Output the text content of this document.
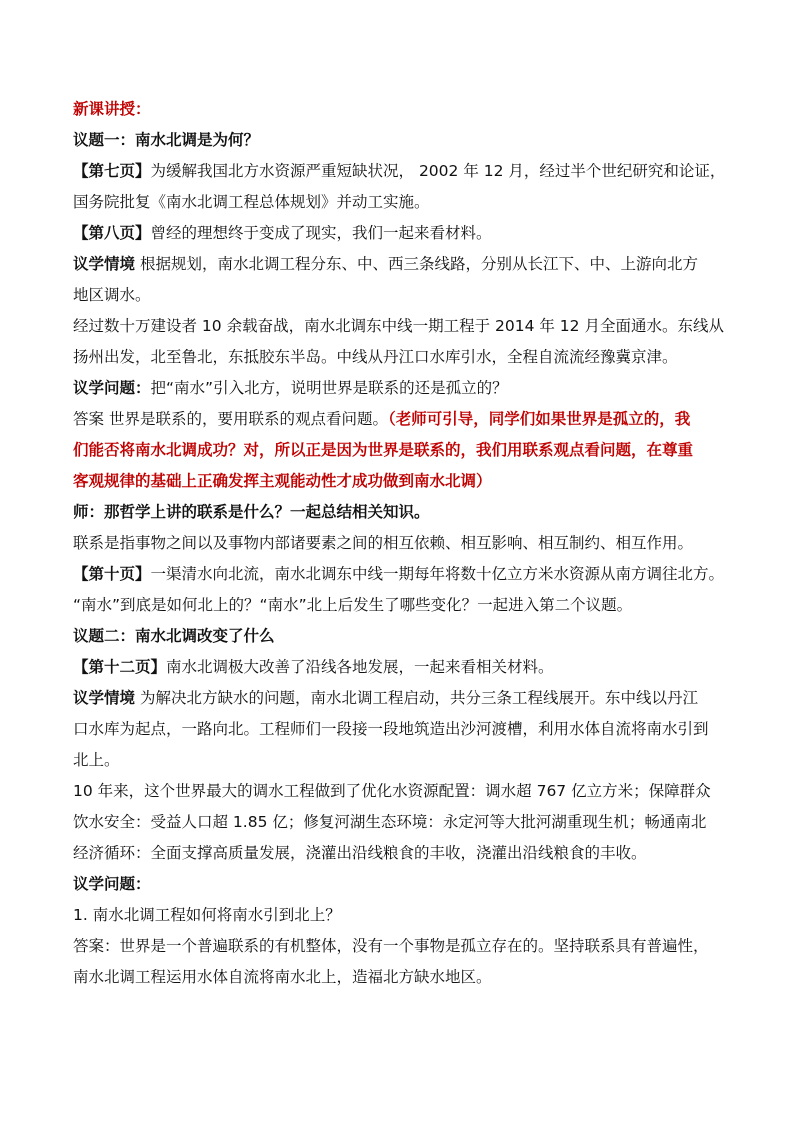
新课讲授：
议题一：南水北调是为何？
【第七页】为缓解我国北方水资源严重短缺状况， 2002 年 12 月，经过半个世纪研究和论证，
国务院批复《南水北调工程总体规划》并动工实施。
【第八页】曾经的理想终于变成了现实，我们一起来看材料。
议学情境 根据规划，南水北调工程分东、中、西三条线路，分别从长江下、中、上游向北方
地区调水。
经过数十万建设者 10 余载奋战，南水北调东中线一期工程于 2014 年 12 月全面通水。东线从
扬州出发，北至鲁北，东抵胶东半岛。中线从丹江口水库引水，全程自流流经豫冀京津。
议学问题：把“南水”引入北方，说明世界是联系的还是孤立的？
答案 世界是联系的，要用联系的观点看问题。（老师可引导，同学们如果世界是孤立的，我
们能否将南水北调成功？对，所以正是因为世界是联系的，我们用联系观点看问题，在尊重
客观规律的基础上正确发挥主观能动性才成功做到南水北调）
师：那哲学上讲的联系是什么？一起总结相关知识。
联系是指事物之间以及事物内部诸要素之间的相互依赖、相互影响、相互制约、相互作用。
【第十页】一渠清水向北流，南水北调东中线一期每年将数十亿立方米水资源从南方调往北方。
“南水”到底是如何北上的？“南水”北上后发生了哪些变化？一起进入第二个议题。
议题二：南水北调改变了什么
【第十二页】南水北调极大改善了沿线各地发展，一起来看相关材料。
议学情境 为解决北方缺水的问题，南水北调工程启动，共分三条工程线展开。东中线以丹江
口水库为起点，一路向北。工程师们一段接一段地筑造出沙河渡槽，利用水体自流将南水引到
北上。
10 年来，这个世界最大的调水工程做到了优化水资源配置：调水超 767 亿立方米；保障群众
饮水安全：受益人口超 1.85 亿；修复河湖生态环境：永定河等大批河湖重现生机；畅通南北
经济循环：全面支撑高质量发展，浇灌出沿线粮食的丰收，浇灌出沿线粮食的丰收。
议学问题：
1. 南水北调工程如何将南水引到北上？
答案：世界是一个普遍联系的有机整体，没有一个事物是孤立存在的。坚持联系具有普遍性，
南水北调工程运用水体自流将南水北上，造福北方缺水地区。
